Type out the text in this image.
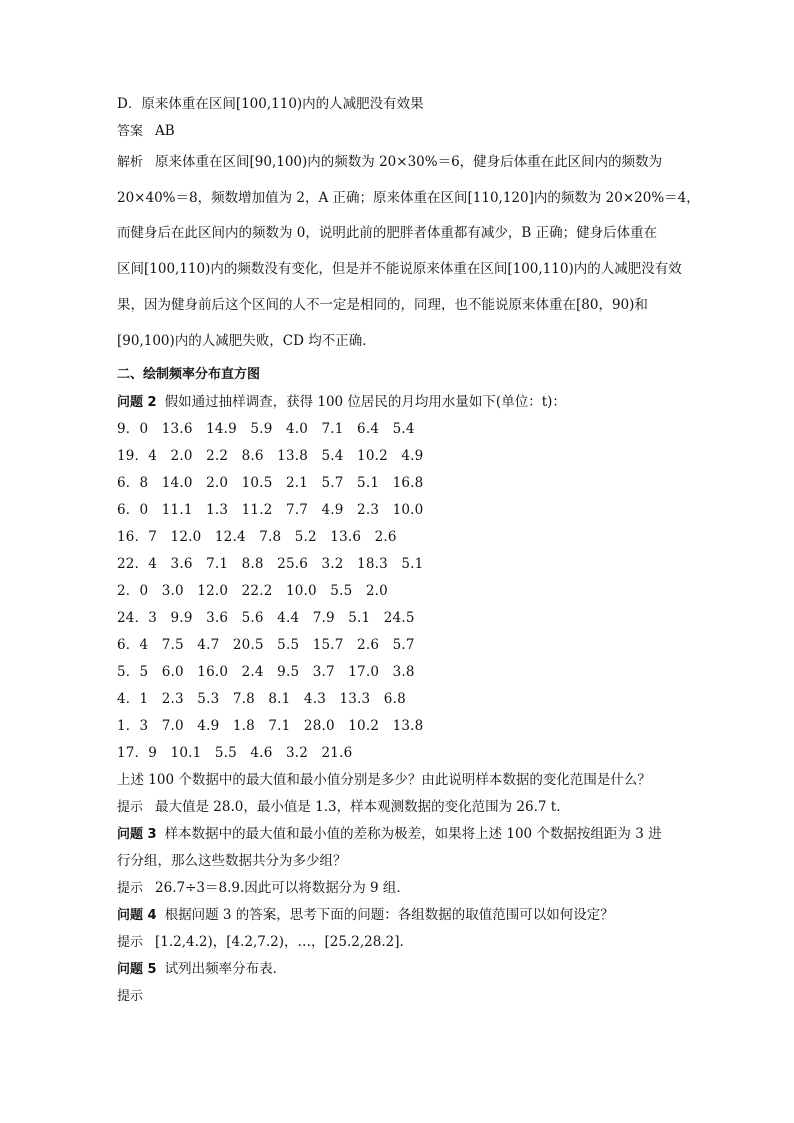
D．原来体重在区间[100,110)内的人减肥没有效果
答案 AB
解析 原来体重在区间[90,100)内的频数为 20×30%＝6，健身后体重在此区间内的频数为
20×40%＝8，频数增加值为 2，A 正确；原来体重在区间[110,120]内的频数为 20×20%＝4，
而健身后在此区间内的频数为 0，说明此前的肥胖者体重都有减少，B 正确；健身后体重在
区间[100,110)内的频数没有变化，但是并不能说原来体重在区间[100,110)内的人减肥没有效
果，因为健身前后这个区间的人不一定是相同的，同理，也不能说原来体重在[80，90)和
[90,100)内的人减肥失败，CD 均不正确．
二、绘制频率分布直方图
问题 2 假如通过抽样调查，获得 100 位居民的月均用水量如下(单位：t)：
9．0   13.6   14.9   5.9   4.0   7.1   6.4   5.4
19．4   2.0   2.2   8.6   13.8   5.4   10.2   4.9
6．8   14.0   2.0   10.5   2.1   5.7   5.1   16.8
6．0   11.1   1.3   11.2   7.7   4.9   2.3   10.0
16．7   12.0   12.4   7.8   5.2   13.6   2.6
22．4   3.6   7.1   8.8   25.6   3.2   18.3   5.1
2．0   3.0   12.0   22.2   10.0   5.5   2.0
24．3   9.9   3.6   5.6   4.4   7.9   5.1   24.5
6．4   7.5   4.7   20.5   5.5   15.7   2.6   5.7
5．5   6.0   16.0   2.4   9.5   3.7   17.0   3.8
4．1   2.3   5.3   7.8   8.1   4.3   13.3   6.8
1．3   7.0   4.9   1.8   7.1   28.0   10.2   13.8
17．9   10.1   5.5   4.6   3.2   21.6
上述 100 个数据中的最大值和最小值分别是多少？由此说明样本数据的变化范围是什么？
提示 最大值是 28.0，最小值是 1.3，样本观测数据的变化范围为 26.7 t.
问题 3 样本数据中的最大值和最小值的差称为极差，如果将上述 100 个数据按组距为 3 进
行分组，那么这些数据共分为多少组？
提示 26.7÷3＝8.9.因此可以将数据分为 9 组．
问题 4 根据问题 3 的答案，思考下面的问题：各组数据的取值范围可以如何设定？
提示 [1.2,4.2)，[4.2,7.2)，…，[25.2,28.2].
问题 5 试列出频率分布表．
提示
